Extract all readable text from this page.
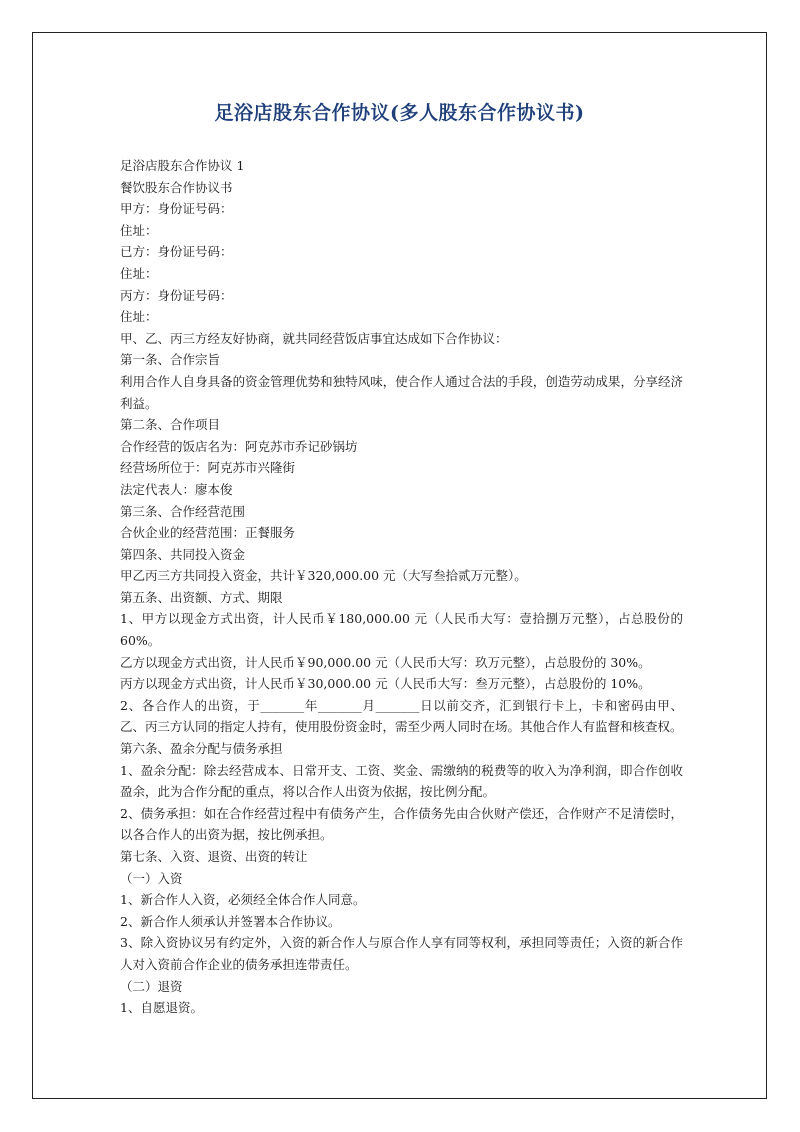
足浴店股东合作协议(多人股东合作协议书)

足浴店股东合作协议 1

餐饮股东合作协议书

甲方：身份证号码：

住址：

已方：身份证号码：

住址：

丙方：身份证号码：

住址：

甲、乙、丙三方经友好协商，就共同经营饭店事宜达成如下合作协议：

第一条、合作宗旨

利用合作人自身具备的资金管理优势和独特风味，使合作人通过合法的手段，创造劳动成果，分享经济利益。

第二条、合作项目

合作经营的饭店名为：阿克苏市乔记砂锅坊

经营场所位于：阿克苏市兴隆街

法定代表人：廖本俊

第三条、合作经营范围

合伙企业的经营范围：正餐服务

第四条、共同投入资金

甲乙丙三方共同投入资金，共计￥320,000.00 元（大写叁拾贰万元整）。

第五条、出资额、方式、期限

1、甲方以现金方式出资，计人民币￥180,000.00 元（人民币大写：壹拾捌万元整），占总股份的 60%。

乙方以现金方式出资，计人民币￥90,000.00 元（人民币大写：玖万元整），占总股份的 30%。

丙方以现金方式出资，计人民币￥30,000.00 元（人民币大写：叁万元整），占总股份的 10%。

2、各合作人的出资，于_______年_______月_______日以前交齐，汇到银行卡上，卡和密码由甲、乙、丙三方认同的指定人持有，使用股份资金时，需至少两人同时在场。其他合作人有监督和核查权。

第六条、盈余分配与债务承担

1、盈余分配：除去经营成本、日常开支、工资、奖金、需缴纳的税费等的收入为净利润，即合作创收盈余，此为合作分配的重点，将以合作人出资为依据，按比例分配。

2、债务承担：如在合作经营过程中有债务产生，合作债务先由合伙财产偿还，合作财产不足清偿时，以各合作人的出资为据，按比例承担。

第七条、入资、退资、出资的转让

（一）入资

1、新合作人入资，必须经全体合作人同意。

2、新合作人须承认并签署本合作协议。

3、除入资协议另有约定外，入资的新合作人与原合作人享有同等权利，承担同等责任；入资的新合作人对入资前合作企业的债务承担连带责任。

（二）退资

1、自愿退资。
